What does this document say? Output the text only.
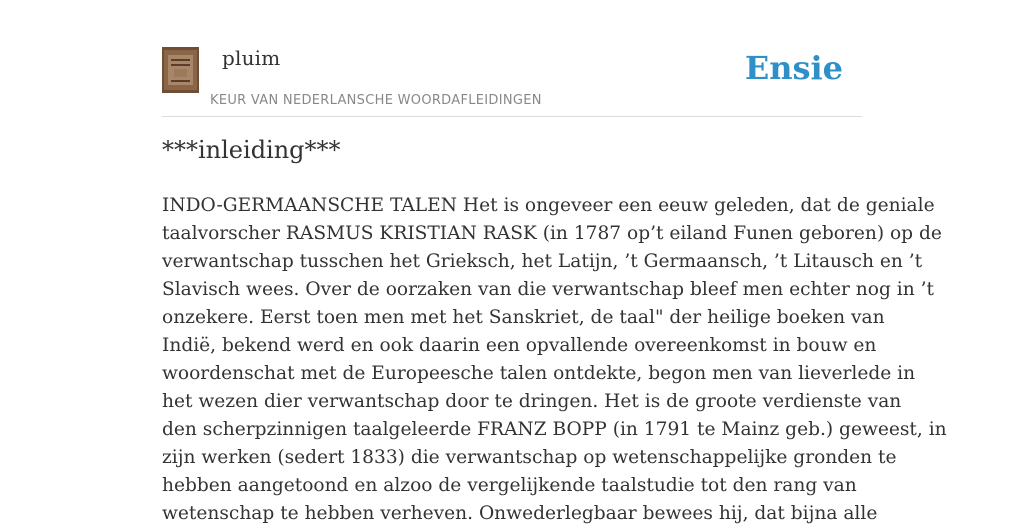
pluim
KEUR VAN NEDERLANSCHE WOORDAFLEIDINGEN
Ensie
***inleiding***

INDO-GERMAANSCHE TALEN Het is ongeveer een eeuw geleden, dat de geniale
taalvorscher RASMUS KRISTIAN RASK (in 1787 op’t eiland Funen geboren) op de
verwantschap tusschen het Grieksch, het Latijn, ’t Germaansch, ’t Litausch en ’t
Slavisch wees. Over de oorzaken van die verwantschap bleef men echter nog in ’t
onzekere. Eerst toen men met het Sanskriet, de taal" der heilige boeken van
Indië, bekend werd en ook daarin een opvallende overeenkomst in bouw en
woordenschat met de Europeesche talen ontdekte, begon men van lieverlede in
het wezen dier verwantschap door te dringen. Het is de groote verdienste van
den scherpzinnigen taalgeleerde FRANZ BOPP (in 1791 te Mainz geb.) geweest, in
zijn werken (sedert 1833) die verwantschap op wetenschappelijke gronden te
hebben aangetoond en alzoo de vergelijkende taalstudie tot den rang van
wetenschap te hebben verheven. Onwederlegbaar bewees hij, dat bijna alle
